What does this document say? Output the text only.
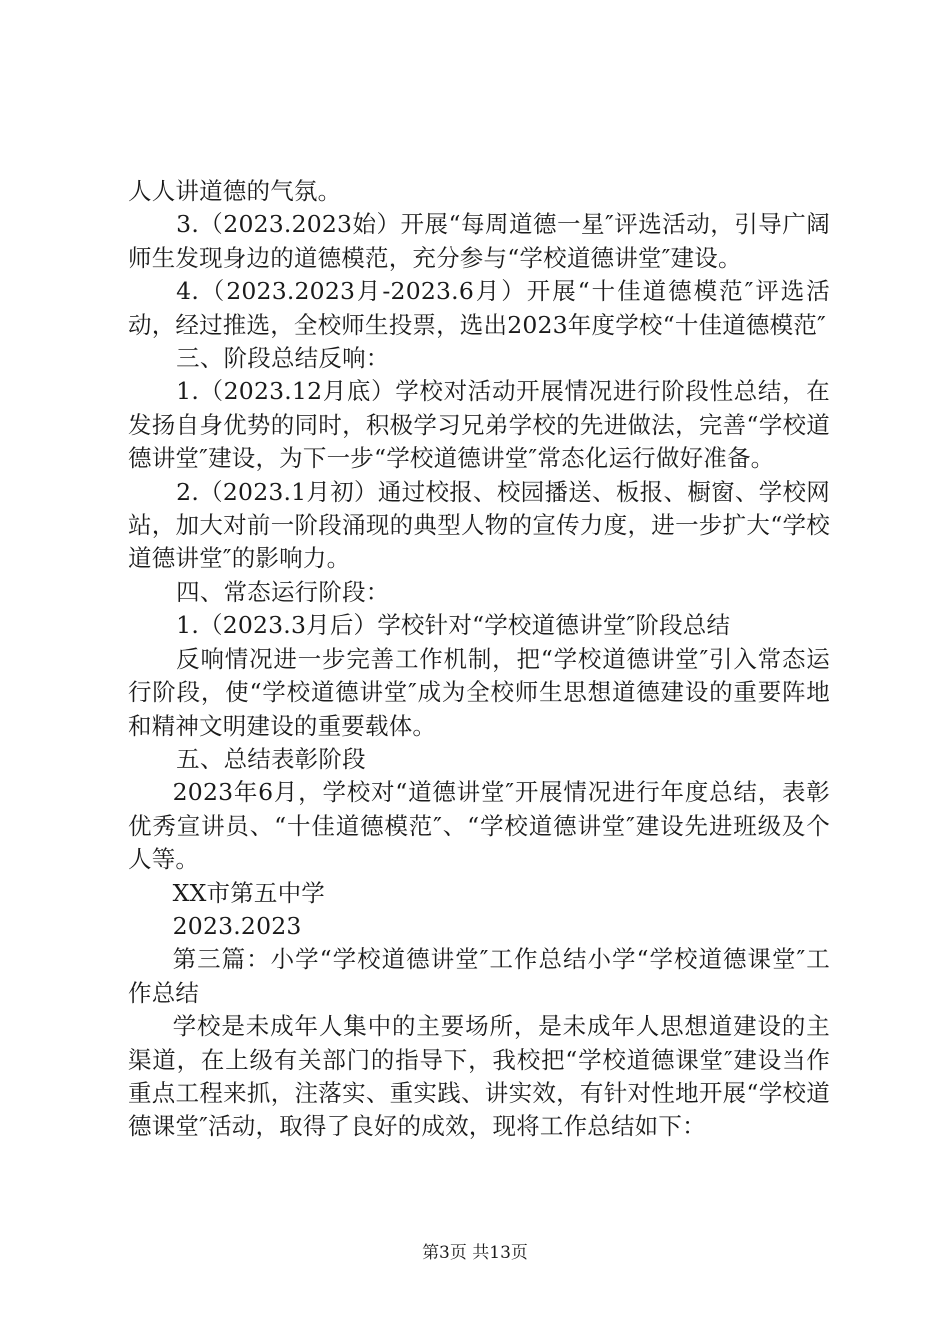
人人讲道德的气氛。

3.（2023.2023始）开展“每周道德一星″评选活动，引导广阔师生发现身边的道德模范，充分参与“学校道德讲堂″建设。

4.（2023.2023月-2023.6月）开展“十佳道德模范″评选活动，经过推选，全校师生投票，选出2023年度学校“十佳道德模范″

三、阶段总结反响：

1.（2023.12月底）学校对活动开展情况进行阶段性总结，在发扬自身优势的同时，积极学习兄弟学校的先进做法，完善“学校道德讲堂″建设，为下一步“学校道德讲堂″常态化运行做好准备。

2.（2023.1月初）通过校报、校园播送、板报、橱窗、学校网站，加大对前一阶段涌现的典型人物的宣传力度，进一步扩大“学校道德讲堂″的影响力。

四、常态运行阶段：

1.（2023.3月后）学校针对“学校道德讲堂″阶段总结

反响情况进一步完善工作机制，把“学校道德讲堂″引入常态运行阶段，使“学校道德讲堂″成为全校师生思想道德建设的重要阵地和精神文明建设的重要载体。

五、总结表彰阶段

2023年6月，学校对“道德讲堂″开展情况进行年度总结，表彰优秀宣讲员、“十佳道德模范″、“学校道德讲堂″建设先进班级及个人等。

XX市第五中学

2023.2023

第三篇：小学“学校道德讲堂″工作总结小学“学校道德课堂″工作总结

学校是未成年人集中的主要场所，是未成年人思想道建设的主渠道，在上级有关部门的指导下，我校把“学校道德课堂″建设当作重点工程来抓，注落实、重实践、讲实效，有针对性地开展“学校道德课堂″活动，取得了良好的成效，现将工作总结如下：

第3页 共13页
